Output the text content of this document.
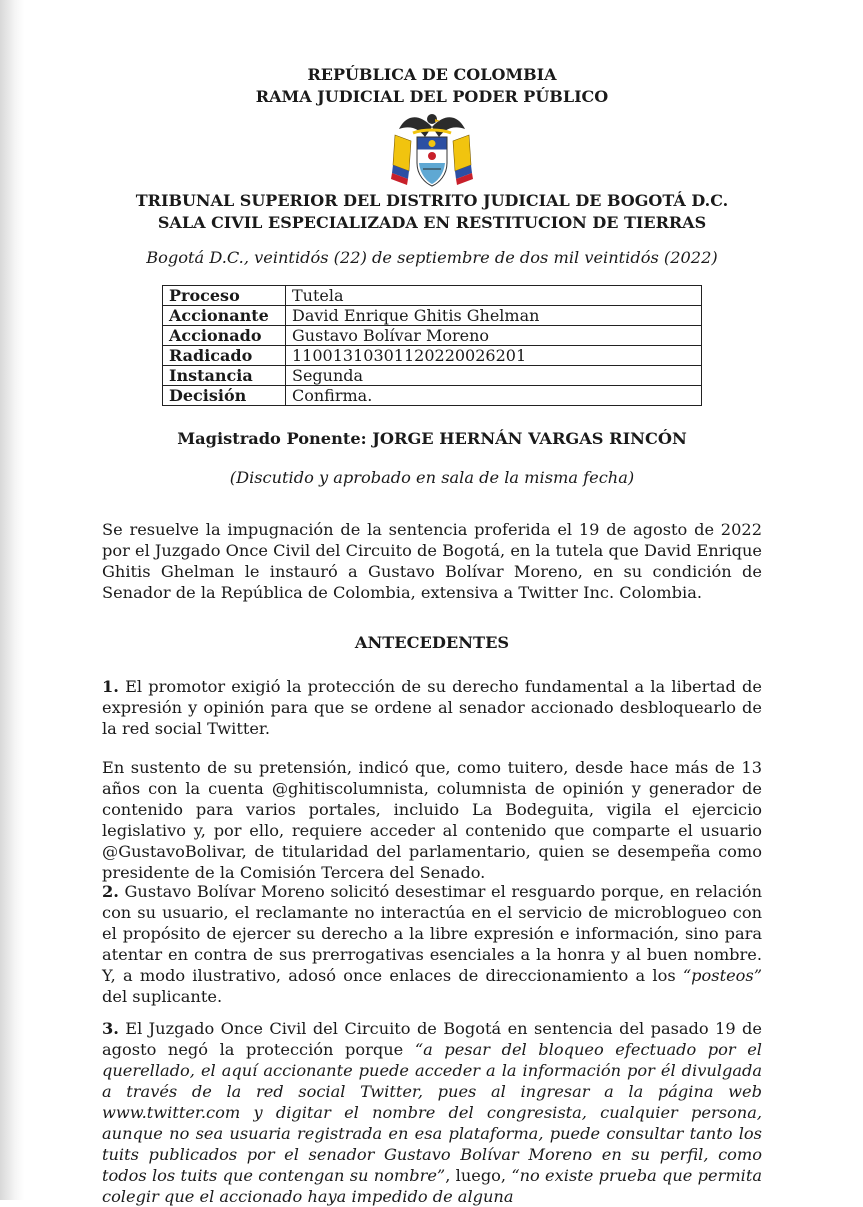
REPÚBLICA DE COLOMBIA
RAMA JUDICIAL DEL PODER PÚBLICO
TRIBUNAL SUPERIOR DEL DISTRITO JUDICIAL DE BOGOTÁ D.C.
SALA CIVIL ESPECIALIZADA EN RESTITUCION DE TIERRAS
Bogotá D.C., veintidós (22) de septiembre de dos mil veintidós (2022)
Proceso	Tutela
Accionante	David Enrique Ghitis Ghelman
Accionado	Gustavo Bolívar Moreno
Radicado	11001310301120220026201
Instancia	Segunda
Decisión	Confirma.
Magistrado Ponente: JORGE HERNÁN VARGAS RINCÓN
(Discutido y aprobado en sala de la misma fecha)
Se resuelve la impugnación de la sentencia proferida el 19 de agosto de 2022 por el Juzgado Once Civil del Circuito de Bogotá, en la tutela que David Enrique Ghitis Ghelman le instauró a Gustavo Bolívar Moreno, en su condición de Senador de la República de Colombia, extensiva a Twitter Inc. Colombia.
ANTECEDENTES
1. El promotor exigió la protección de su derecho fundamental a la libertad de expresión y opinión para que se ordene al senador accionado desbloquearlo de la red social Twitter.
En sustento de su pretensión, indicó que, como tuitero, desde hace más de 13 años con la cuenta @ghitiscolumnista, columnista de opinión y generador de contenido para varios portales, incluido La Bodeguita, vigila el ejercicio legislativo y, por ello, requiere acceder al contenido que comparte el usuario @GustavoBolivar, de titularidad del parlamentario, quien se desempeña como presidente de la Comisión Tercera del Senado.
2. Gustavo Bolívar Moreno solicitó desestimar el resguardo porque, en relación con su usuario, el reclamante no interactúa en el servicio de microblogueo con el propósito de ejercer su derecho a la libre expresión e información, sino para atentar en contra de sus prerrogativas esenciales a la honra y al buen nombre. Y, a modo ilustrativo, adosó once enlaces de direccionamiento a los “posteos” del suplicante.
3. El Juzgado Once Civil del Circuito de Bogotá en sentencia del pasado 19 de agosto negó la protección porque “a pesar del bloqueo efectuado por el querellado, el aquí accionante puede acceder a la información por él divulgada a través de la red social Twitter, pues al ingresar a la página web www.twitter.com y digitar el nombre del congresista, cualquier persona, aunque no sea usuaria registrada en esa plataforma, puede consultar tanto los tuits publicados por el senador Gustavo Bolívar Moreno en su perfil, como todos los tuits que contengan su nombre”, luego, “no existe prueba que permita colegir que el accionado haya impedido de alguna
